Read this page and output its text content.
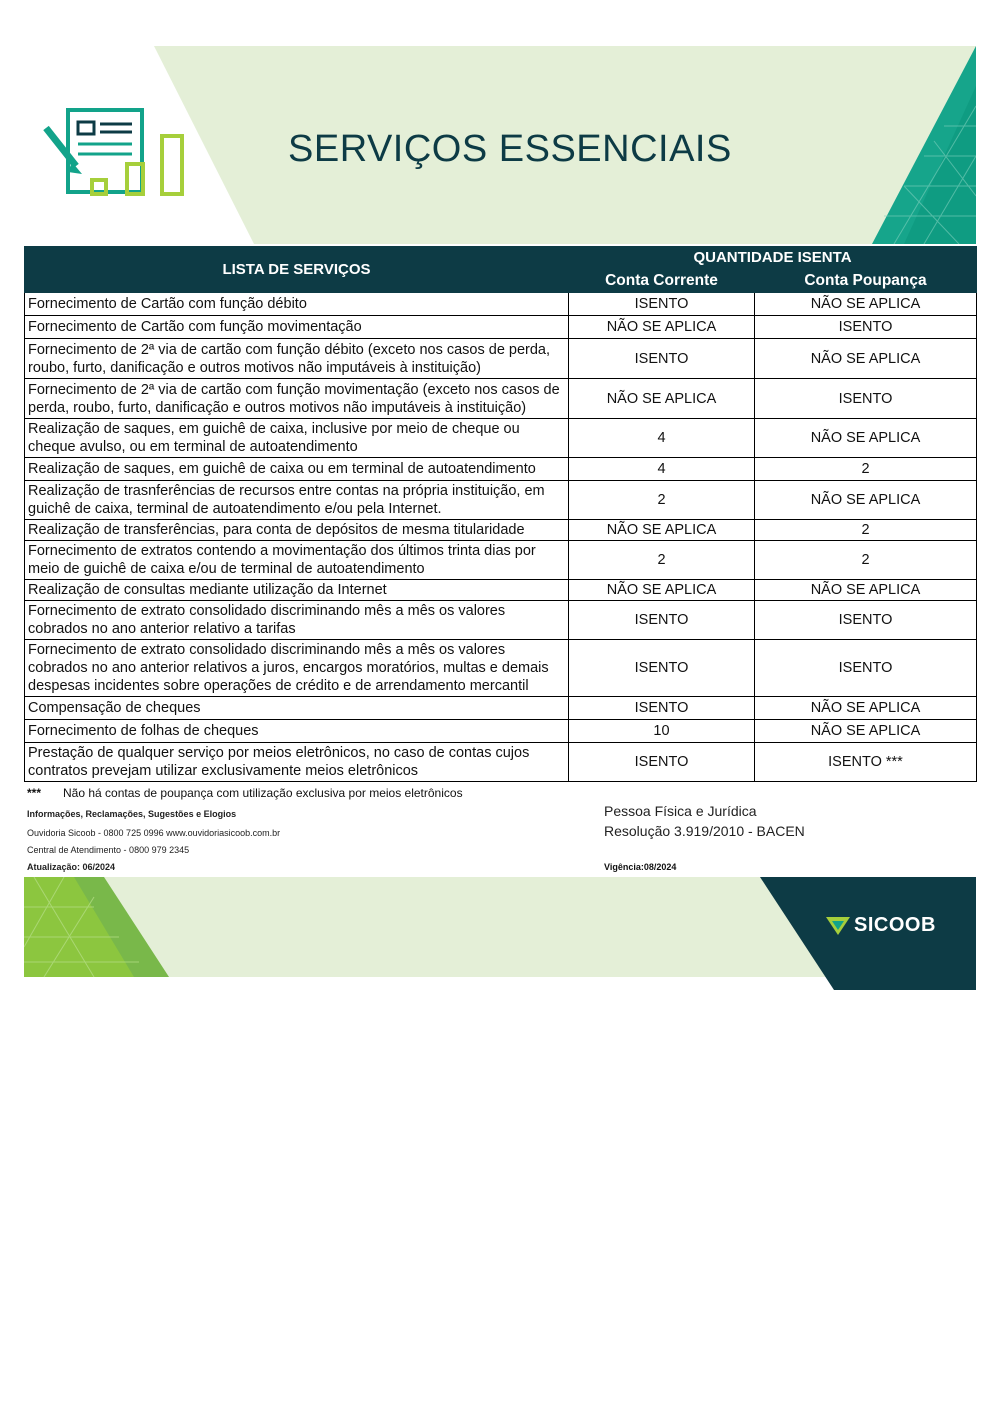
SERVIÇOS ESSENCIAIS
LISTA DE SERVIÇOS	QUANTIDADE ISENTA	
	Conta Corrente	Conta Poupança
Fornecimento de Cartão com função débito	ISENTO	NÃO SE APLICA
Fornecimento de Cartão com função movimentação	NÃO SE APLICA	ISENTO
Fornecimento de 2ª via de cartão com função débito (exceto nos casos de perda, roubo, furto, danificação e outros motivos não imputáveis à instituição)	ISENTO	NÃO SE APLICA
Fornecimento de 2ª via de cartão com função movimentação (exceto nos casos de perda, roubo, furto, danificação e outros motivos não imputáveis à instituição)	NÃO SE APLICA	ISENTO
Realização de saques, em guichê de caixa, inclusive por meio de cheque ou cheque avulso, ou em terminal de autoatendimento	4	NÃO SE APLICA
Realização de saques, em guichê de caixa ou em terminal de autoatendimento	4	2
Realização de trasnferências de recursos entre contas na própria instituição, em guichê de caixa, terminal de autoatendimento e/ou pela Internet.	2	NÃO SE APLICA
Realização de transferências, para conta de depósitos de mesma titularidade	NÃO SE APLICA	2
Fornecimento de extratos contendo a movimentação dos últimos trinta dias por meio de guichê de caixa e/ou de terminal de autoatendimento	2	2
Realização de consultas mediante utilização da Internet	NÃO SE APLICA	NÃO SE APLICA
Fornecimento de extrato consolidado discriminando mês a mês os valores cobrados no ano anterior relativo a tarifas	ISENTO	ISENTO
Fornecimento de extrato consolidado discriminando mês a mês os valores cobrados no ano anterior relativos a juros, encargos moratórios, multas e demais despesas incidentes sobre operações de crédito e de arrendamento mercantil	ISENTO	ISENTO
Compensação de cheques	ISENTO	NÃO SE APLICA
Fornecimento de folhas de cheques	10	NÃO SE APLICA
Prestação de qualquer serviço por meios eletrônicos, no caso de contas cujos contratos prevejam utilizar exclusivamente meios eletrônicos	ISENTO	ISENTO ***
*** Não há contas de poupança com utilização exclusiva por meios eletrônicos
Informações, Reclamações, Sugestões e Elogios
Ouvidoria Sicoob - 0800 725 0996 www.ouvidoriasicoob.com.br
Central de Atendimento - 0800 979 2345
Atualização: 06/2024
Pessoa Física e Jurídica
Resolução 3.919/2010 - BACEN
Vigência:08/2024
SICOOB
